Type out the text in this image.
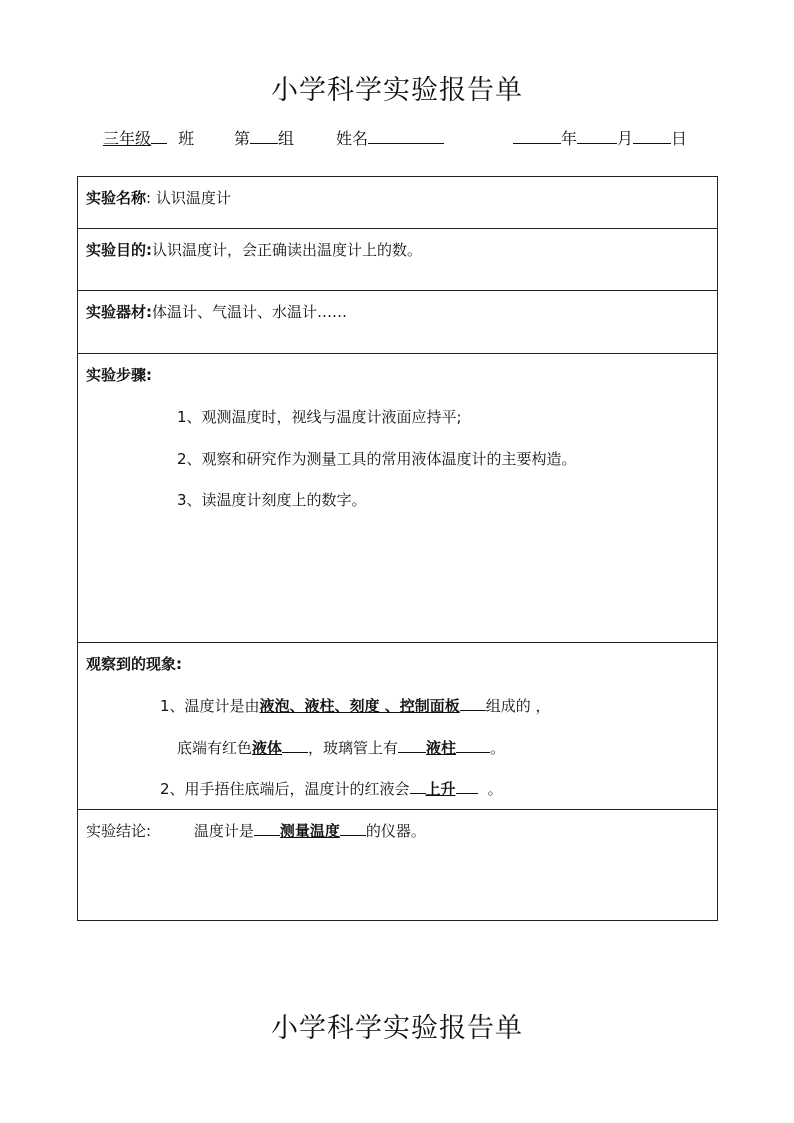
小学科学实验报告单
三年级 班 第 组	姓名	年	月 日
实验名称: 认识温度计
实验目的:认识温度计，会正确读出温度计上的数。
实验器材:体温计、气温计、水温计……
实验步骤:
1、观测温度时，视线与温度计液面应持平;
2、观察和研究作为测量工具的常用液体温度计的主要构造。
3、读温度计刻度上的数字。

观察到的现象:
1、温度计是由液泡、液柱、刻度 、控制面板 组成的 ，
底端有红色液体 ，玻璃管上有 液柱 。
2、用手捂住底端后，温度计的红液会 上升 。

实验结论:	温度计是 测量温度 的仪器。
小学科学实验报告单
